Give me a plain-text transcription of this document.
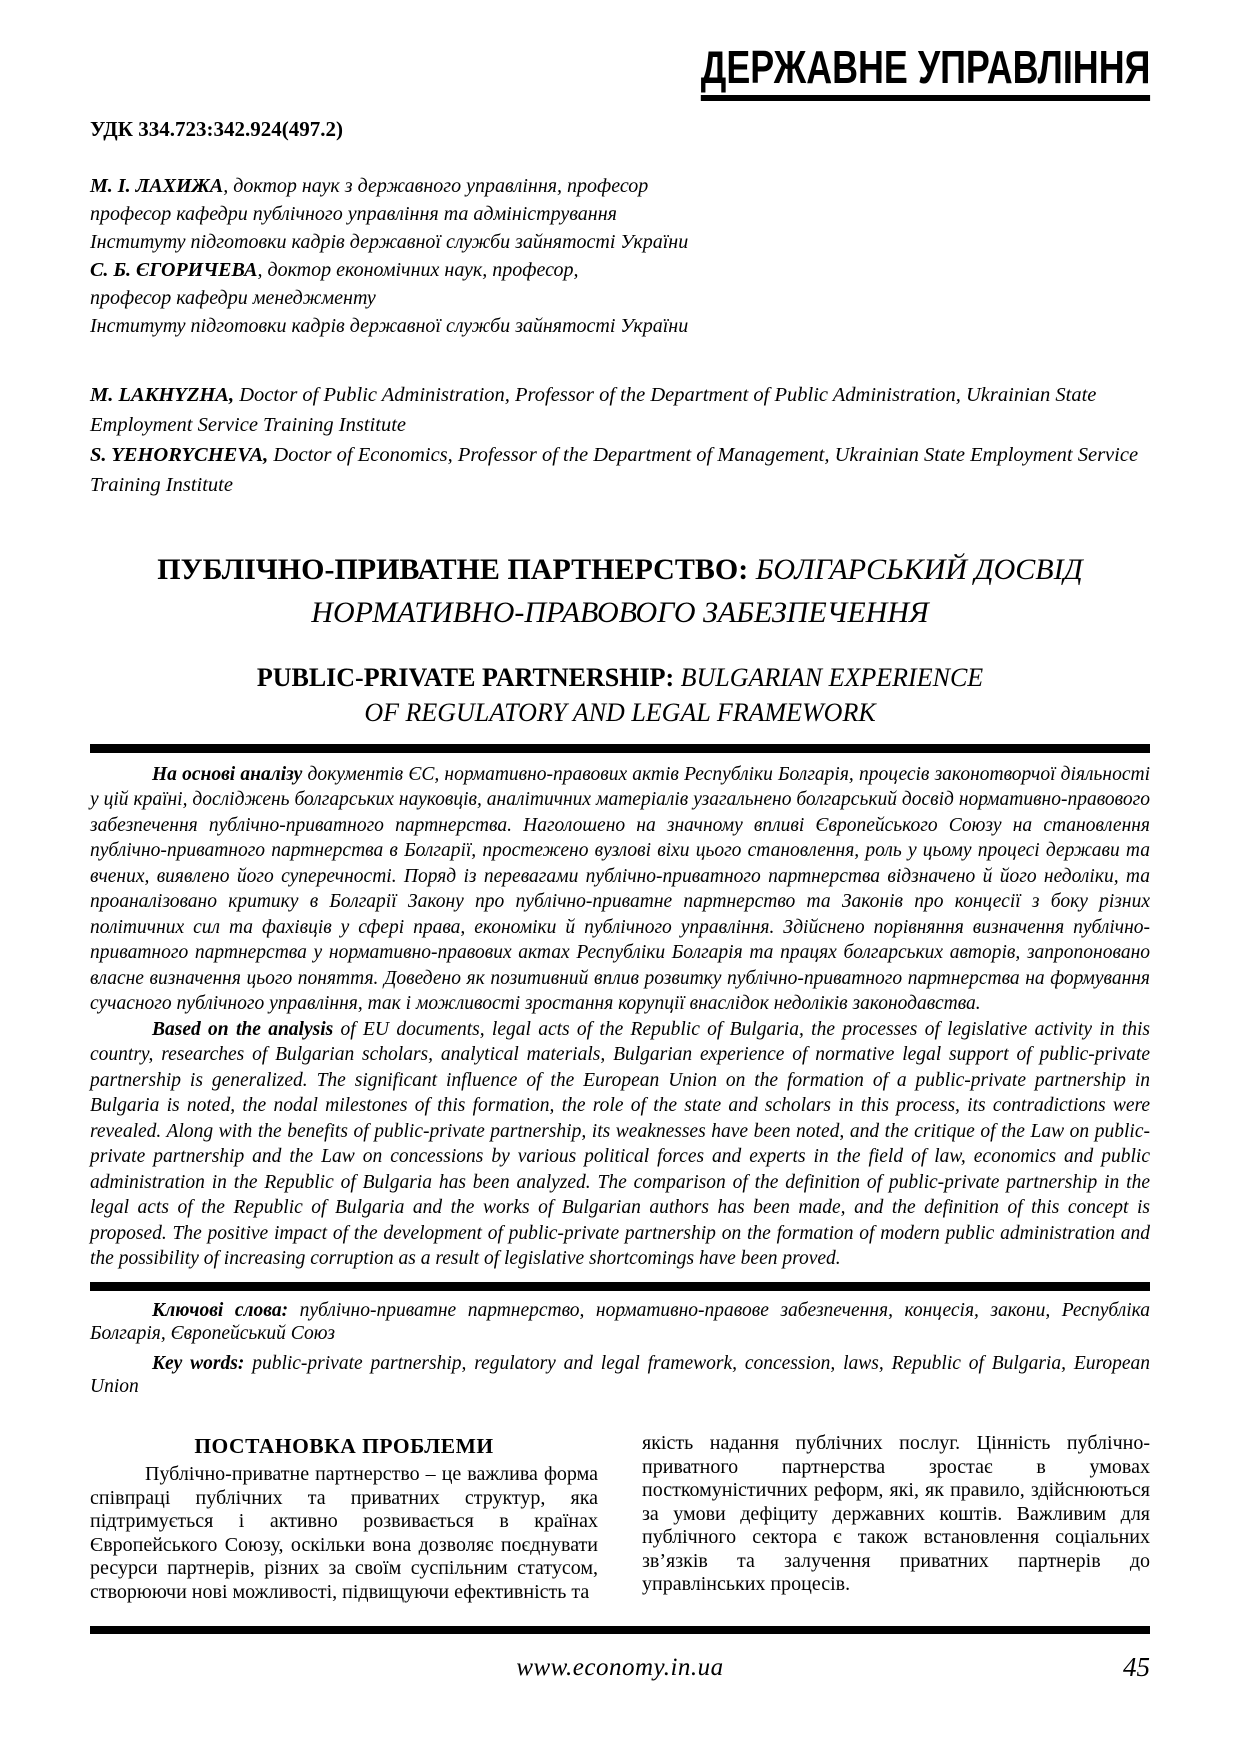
ДЕРЖАВНЕ УПРАВЛІННЯ

УДК 334.723:342.924(497.2)

М. І. ЛАХИЖА, доктор наук з державного управління, професор

професор кафедри публічного управління та адміністрування

Інституту підготовки кадрів державної служби зайнятості України

С. Б. ЄГОРИЧЕВА, доктор економічних наук, професор,

професор кафедри менеджменту

Інституту підготовки кадрів державної служби зайнятості України

M. LAKHYZHA, Doctor of Public Administration, Professor of the Department of Public Administration, Ukrainian State Employment Service Training Institute

S. YEHORYCHEVA, Doctor of Economics, Professor of the Department of Management, Ukrainian State Employment Service Training Institute

ПУБЛІЧНО-ПРИВАТНЕ ПАРТНЕРСТВО: БОЛГАРСЬКИЙ ДОСВІД
НОРМАТИВНО-ПРАВОВОГО ЗАБЕЗПЕЧЕННЯ
PUBLIC-PRIVATE PARTNERSHIP: BULGARIAN EXPERIENCE
OF REGULATORY AND LEGAL FRAMEWORK

На основі аналізу документів ЄС, нормативно-правових актів Республіки Болгарія, процесів законотворчої діяльності у цій країні, досліджень болгарських науковців, аналітичних матеріалів узагальнено болгарський досвід нормативно-правового забезпечення публічно-приватного партнерства. Наголошено на значному впливі Європейського Союзу на становлення публічно-приватного партнерства в Болгарії, простежено вузлові віхи цього становлення, роль у цьому процесі держави та вчених, виявлено його суперечності. Поряд із перевагами публічно-приватного партнерства відзначено й його недоліки, та проаналізовано критику в Болгарії Закону про публічно-приватне партнерство та Законів про концесії з боку різних політичних сил та фахівців у сфері права, економіки й публічного управління. Здійснено порівняння визначення публічно-приватного партнерства у нормативно-правових актах Республіки Болгарія та працях болгарських авторів, запропоновано власне визначення цього поняття. Доведено як позитивний вплив розвитку публічно-приватного партнерства на формування сучасного публічного управління, так і можливості зростання корупції внаслідок недоліків законодавства.

Based on the analysis of EU documents, legal acts of the Republic of Bulgaria, the processes of legislative activity in this country, researches of Bulgarian scholars, analytical materials, Bulgarian experience of normative legal support of public-private partnership is generalized. The significant influence of the European Union on the formation of a public-private partnership in Bulgaria is noted, the nodal milestones of this formation, the role of the state and scholars in this process, its contradictions were revealed. Along with the benefits of public-private partnership, its weaknesses have been noted, and the critique of the Law on public-private partnership and the Law on concessions by various political forces and experts in the field of law, economics and public administration in the Republic of Bulgaria has been analyzed. The comparison of the definition of public-private partnership in the legal acts of the Republic of Bulgaria and the works of Bulgarian authors has been made, and the definition of this concept is proposed. The positive impact of the development of public-private partnership on the formation of modern public administration and the possibility of increasing corruption as a result of legislative shortcomings have been proved.

Ключові слова: публічно-приватне партнерство, нормативно-правове забезпечення, концесія, закони, Республіка Болгарія, Європейський Союз

Key words: public-private partnership, regulatory and legal framework, concession, laws, Republic of Bulgaria, European Union

ПОСТАНОВКА ПРОБЛЕМИ

Публічно-приватне партнерство – це важлива форма співпраці публічних та приватних структур, яка підтримується і активно розвивається в країнах Європейського Союзу, оскільки вона дозволяє поєднувати ресурси партнерів, різних за своїм суспільним статусом, створюючи нові можливості, підвищуючи ефективність та

якість надання публічних послуг. Цінність публічно-приватного партнерства зростає в умовах посткомуністичних реформ, які, як правило, здійснюються за умови дефіциту державних коштів. Важливим для публічного сектора є також встановлення соціальних зв’язків та залучення приватних партнерів до управлінських процесів.

www.economy.in.ua	45
